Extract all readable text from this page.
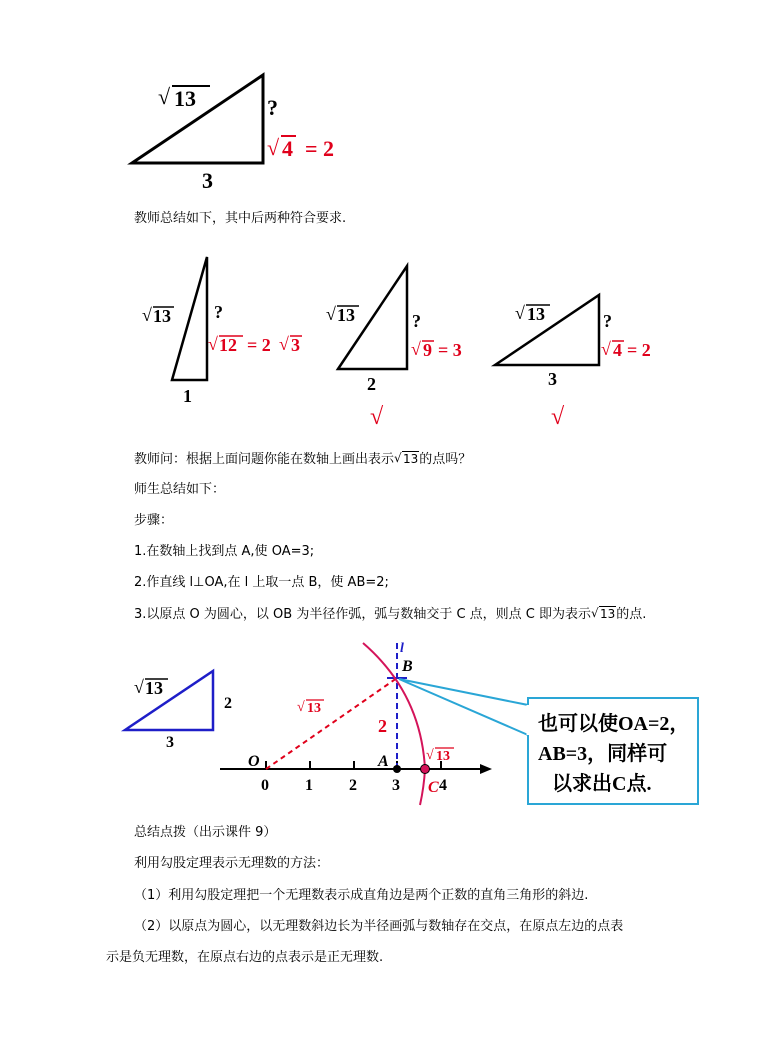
√ 13	?
√ 4 = 2
3

教师总结如下，其中后两种符合要求.

√ 13 ?
√ 12 = 2 √ 3
1
√ 13	?
√ 9 = 3
2
√
√ 13	?
√ 4 = 2
3
√

教师问：根据上面问题你能在数轴上画出表示 √ 13的点吗？

师生总结如下：

步骤：

1.在数轴上找到点 A,使 OA=3;

2.作直线 l⊥OA,在 l 上取一点 B，使 AB=2;

3.以原点 O 为圆心，以 OB 为半径作弧，弧与数轴交于 C 点，则点 C 即为表示 √ 13的点.

√ 13
2
3
0 1 2 3 4
O	A
l
B
√ 13
2
√ 13
C
也可以使OA=2，
AB=3，同样可
以求出C点.

总结点拨（出示课件 9）

利用勾股定理表示无理数的方法：

（1）利用勾股定理把一个无理数表示成直角边是两个正数的直角三角形的斜边.

（2）以原点为圆心，以无理数斜边长为半径画弧与数轴存在交点，在原点左边的点表

示是负无理数，在原点右边的点表示是正无理数.
